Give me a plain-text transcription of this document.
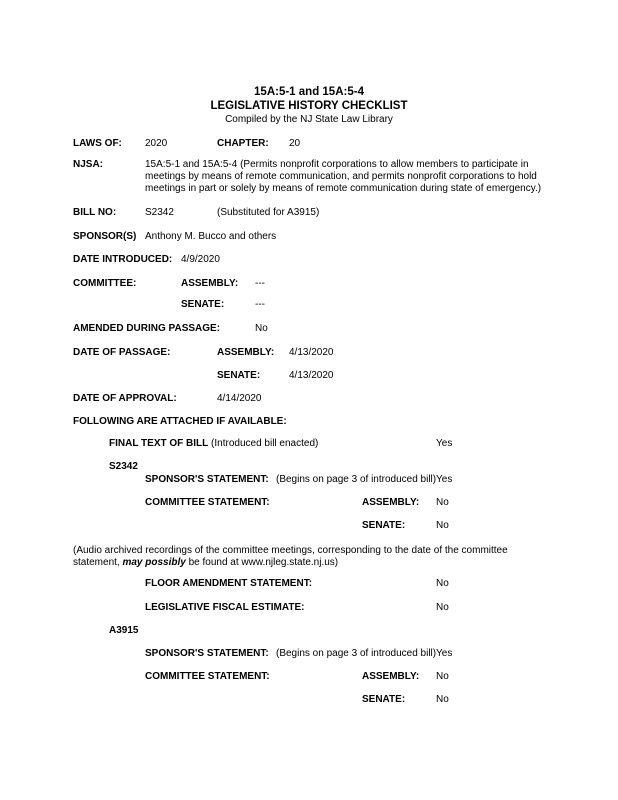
15A:5-1 and 15A:5-4
LEGISLATIVE HISTORY CHECKLIST
Compiled by the NJ State Law Library
LAWS OF: 2020	CHAPTER: 20
NJSA:	15A:5-1 and 15A:5-4 (Permits nonprofit corporations to allow members to participate in
meetings by means of remote communication, and permits nonprofit corporations to hold
meetings in part or solely by means of remote communication during state of emergency.)
BILL NO:	S2342	(Substituted for A3915)
SPONSOR(S) Anthony M. Bucco and others
DATE INTRODUCED: 4/9/2020
COMMITTEE:	ASSEMBLY: ---
SENATE:	---
AMENDED DURING PASSAGE:	No
DATE OF PASSAGE:	ASSEMBLY: 4/13/2020
SENATE:	4/13/2020
DATE OF APPROVAL:	4/14/2020
FOLLOWING ARE ATTACHED IF AVAILABLE:
FINAL TEXT OF BILL (Introduced bill enacted)	Yes
S2342
SPONSOR'S STATEMENT: (Begins on page 3 of introduced bill) Yes
COMMITTEE STATEMENT:	ASSEMBLY: No
SENATE:	No
(Audio archived recordings of the committee meetings, corresponding to the date of the committee
statement, may possibly be found at www.njleg.state.nj.us)
FLOOR AMENDMENT STATEMENT:	No
LEGISLATIVE FISCAL ESTIMATE:	No
A3915
SPONSOR'S STATEMENT: (Begins on page 3 of introduced bill) Yes
COMMITTEE STATEMENT:	ASSEMBLY: No
SENATE:	No
